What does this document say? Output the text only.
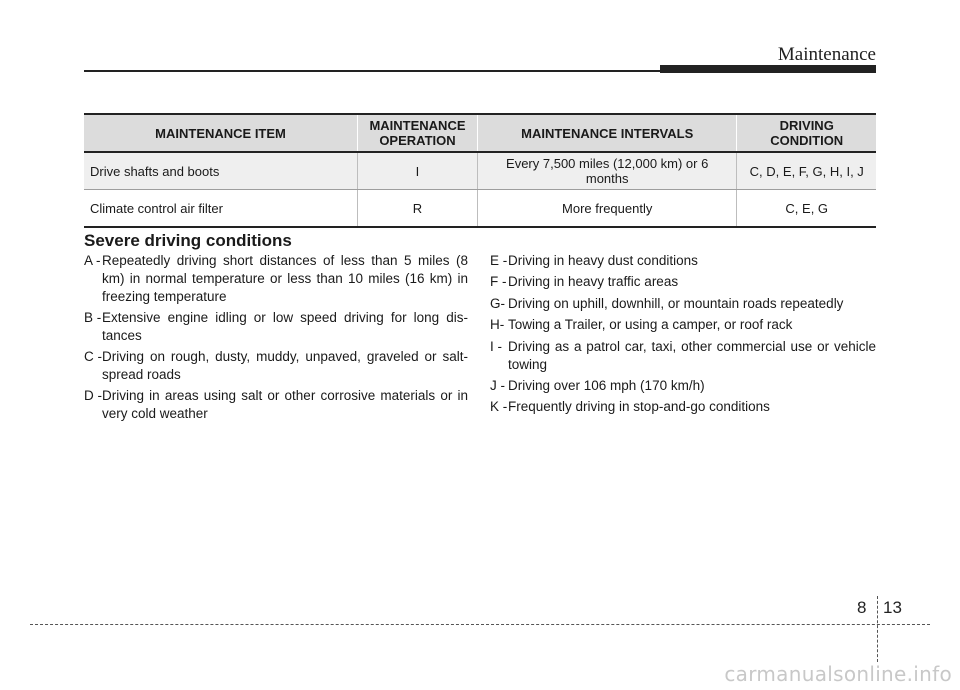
Maintenance
MAINTENANCE ITEM	MAINTENANCE OPERATION	MAINTENANCE INTERVALS	DRIVING CONDITION
Drive shafts and boots	I	Every 7,500 miles (12,000 km) or 6 months	C, D, E, F, G, H, I, J
Climate control air filter	R	More frequently	C, E, G
Severe driving conditions
A - Repeatedly driving short distances of less than 5 miles (8 km) in normal temperature or less than 10 miles (16 km) in freezing temperature
B - Extensive engine idling or low speed driving for long dis-tances
C - Driving on rough, dusty, muddy, unpaved, graveled or salt-spread roads
D - Driving in areas using salt or other corrosive materials or in very cold weather
E - Driving in heavy dust conditions
F - Driving in heavy traffic areas
G- Driving on uphill, downhill, or mountain roads repeatedly
H- Towing a Trailer, or using a camper, or roof rack
I - Driving as a patrol car, taxi, other commercial use or vehicle towing
J - Driving over 106 mph (170 km/h)
K - Frequently driving in stop-and-go conditions
8 13
carmanualsonline.info
